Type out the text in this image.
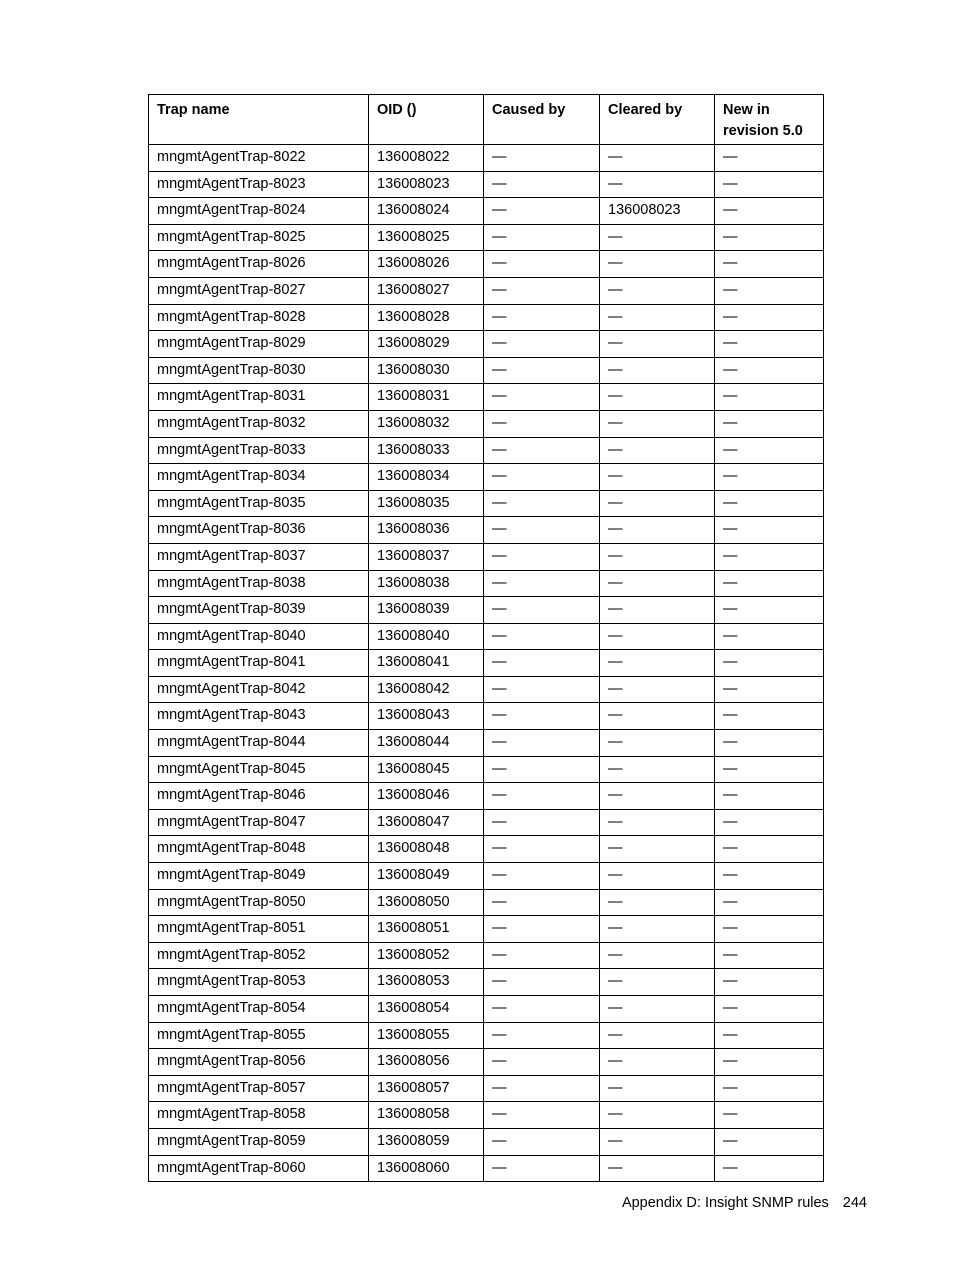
Trap name	OID ()	Caused by	Cleared by	New in revision 5.0
mngmtAgentTrap-8022	136008022	—	—	—
mngmtAgentTrap-8023	136008023	—	—	—
mngmtAgentTrap-8024	136008024	—	136008023	—
mngmtAgentTrap-8025	136008025	—	—	—
mngmtAgentTrap-8026	136008026	—	—	—
mngmtAgentTrap-8027	136008027	—	—	—
mngmtAgentTrap-8028	136008028	—	—	—
mngmtAgentTrap-8029	136008029	—	—	—
mngmtAgentTrap-8030	136008030	—	—	—
mngmtAgentTrap-8031	136008031	—	—	—
mngmtAgentTrap-8032	136008032	—	—	—
mngmtAgentTrap-8033	136008033	—	—	—
mngmtAgentTrap-8034	136008034	—	—	—
mngmtAgentTrap-8035	136008035	—	—	—
mngmtAgentTrap-8036	136008036	—	—	—
mngmtAgentTrap-8037	136008037	—	—	—
mngmtAgentTrap-8038	136008038	—	—	—
mngmtAgentTrap-8039	136008039	—	—	—
mngmtAgentTrap-8040	136008040	—	—	—
mngmtAgentTrap-8041	136008041	—	—	—
mngmtAgentTrap-8042	136008042	—	—	—
mngmtAgentTrap-8043	136008043	—	—	—
mngmtAgentTrap-8044	136008044	—	—	—
mngmtAgentTrap-8045	136008045	—	—	—
mngmtAgentTrap-8046	136008046	—	—	—
mngmtAgentTrap-8047	136008047	—	—	—
mngmtAgentTrap-8048	136008048	—	—	—
mngmtAgentTrap-8049	136008049	—	—	—
mngmtAgentTrap-8050	136008050	—	—	—
mngmtAgentTrap-8051	136008051	—	—	—
mngmtAgentTrap-8052	136008052	—	—	—
mngmtAgentTrap-8053	136008053	—	—	—
mngmtAgentTrap-8054	136008054	—	—	—
mngmtAgentTrap-8055	136008055	—	—	—
mngmtAgentTrap-8056	136008056	—	—	—
mngmtAgentTrap-8057	136008057	—	—	—
mngmtAgentTrap-8058	136008058	—	—	—
mngmtAgentTrap-8059	136008059	—	—	—
mngmtAgentTrap-8060	136008060	—	—	—
Appendix D: Insight SNMP rules 244
